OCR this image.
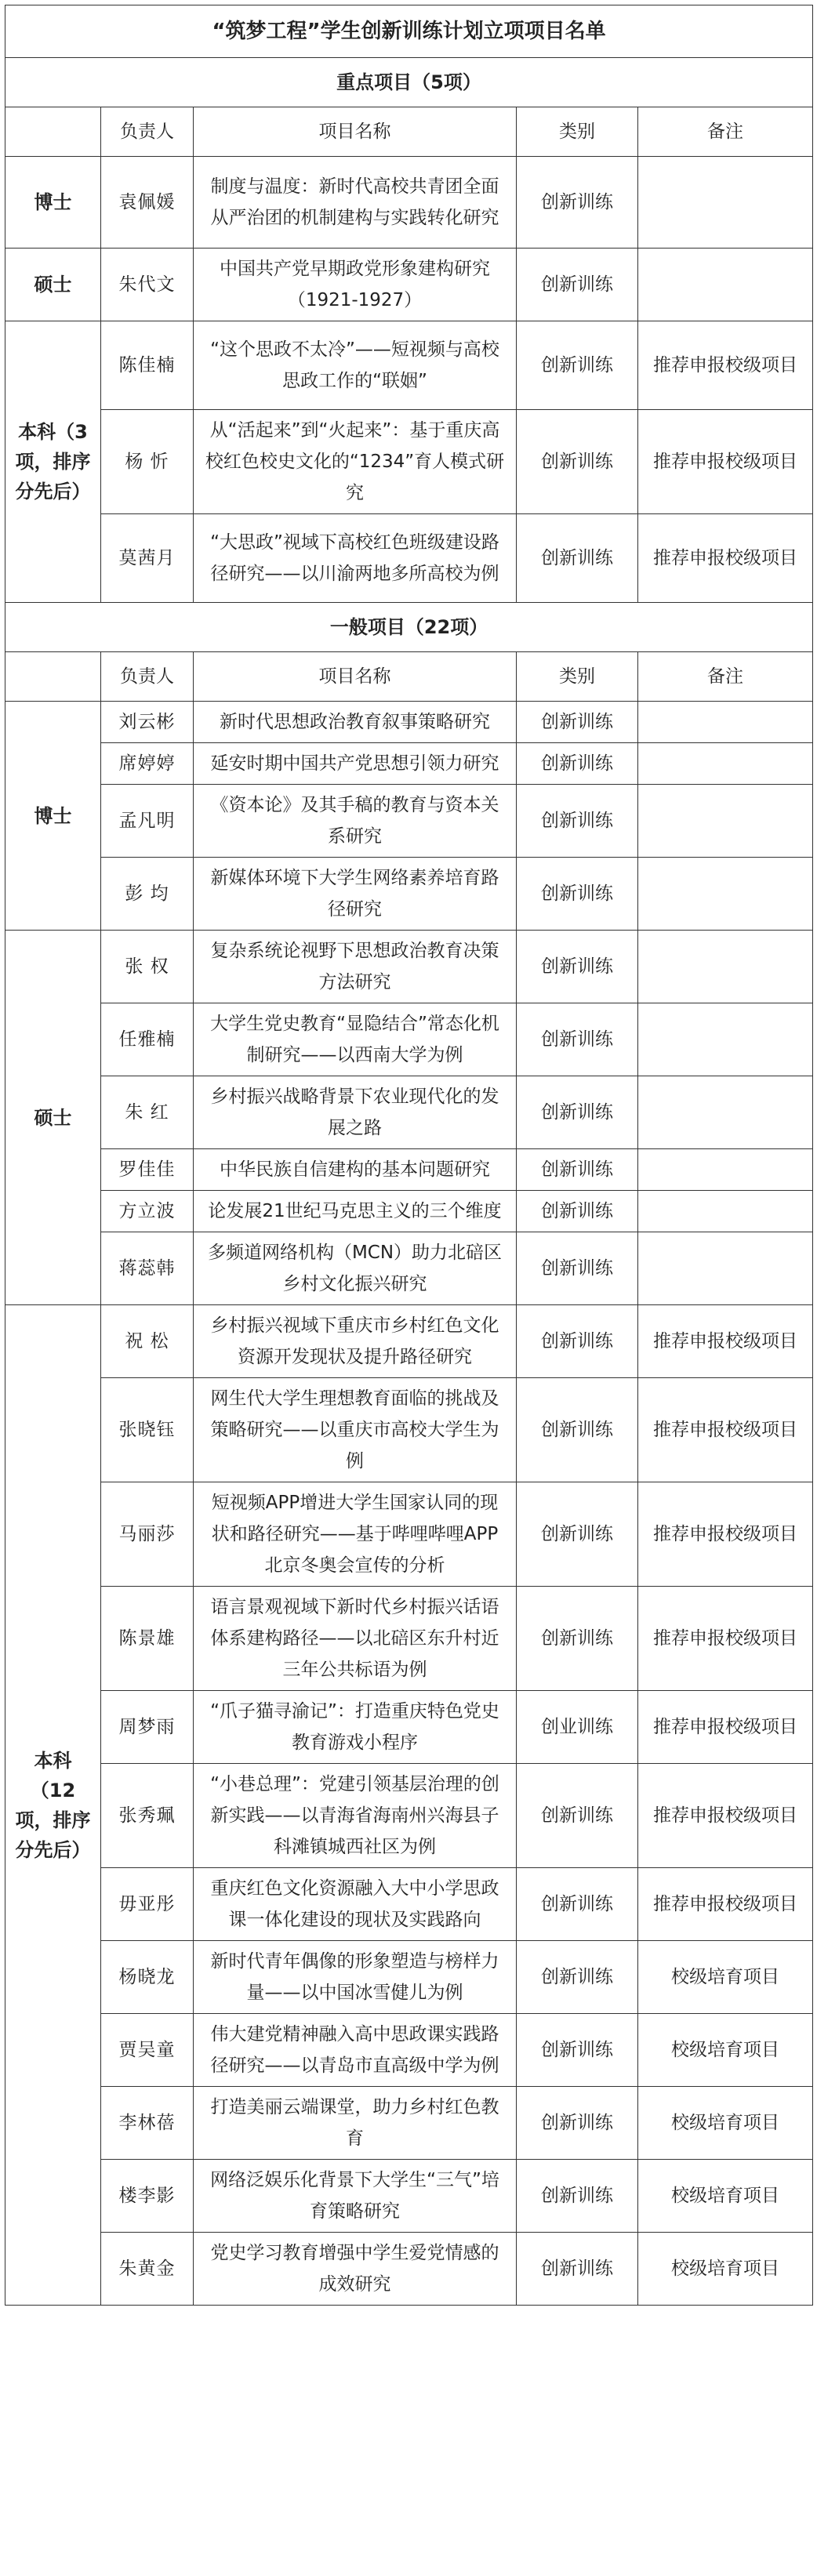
“筑梦工程”学生创新训练计划立项项目名单				
重点项目（5项）				
	负责人	项目名称	类别	备注
博士	袁佩媛	制度与温度：新时代高校共青团全面从严治团的机制建构与实践转化研究	创新训练	
硕士	朱代文	中国共产党早期政党形象建构研究（1921-1927）	创新训练	
本科（3项，排序分先后）	陈佳楠	“这个思政不太冷”——短视频与高校思政工作的“联姻”	创新训练	推荐申报校级项目
	杨 忻	从“活起来”到“火起来”：基于重庆高校红色校史文化的“1234”育人模式研究	创新训练	推荐申报校级项目
	莫茜月	“大思政”视域下高校红色班级建设路径研究——以川渝两地多所高校为例	创新训练	推荐申报校级项目
一般项目（22项）				
	负责人	项目名称	类别	备注
博士	刘云彬	新时代思想政治教育叙事策略研究	创新训练	
	席婷婷	延安时期中国共产党思想引领力研究	创新训练	
	孟凡明	《资本论》及其手稿的教育与资本关系研究	创新训练	
	彭 均	新媒体环境下大学生网络素养培育路径研究	创新训练	
硕士	张 权	复杂系统论视野下思想政治教育决策方法研究	创新训练	
	任雅楠	大学生党史教育“显隐结合”常态化机制研究——以西南大学为例	创新训练	
	朱 红	乡村振兴战略背景下农业现代化的发展之路	创新训练	
	罗佳佳	中华民族自信建构的基本问题研究	创新训练	
	方立波	论发展21世纪马克思主义的三个维度	创新训练	
	蒋蕊韩	多频道网络机构（MCN）助力北碚区乡村文化振兴研究	创新训练	
本科（12项，排序分先后）	祝 松	乡村振兴视域下重庆市乡村红色文化资源开发现状及提升路径研究	创新训练	推荐申报校级项目
	张晓钰	网生代大学生理想教育面临的挑战及策略研究——以重庆市高校大学生为例	创新训练	推荐申报校级项目
	马丽莎	短视频APP增进大学生国家认同的现状和路径研究——基于哔哩哔哩APP北京冬奥会宣传的分析	创新训练	推荐申报校级项目
	陈景雄	语言景观视域下新时代乡村振兴话语体系建构路径——以北碚区东升村近三年公共标语为例	创新训练	推荐申报校级项目
	周梦雨	“爪子猫寻渝记”：打造重庆特色党史教育游戏小程序	创业训练	推荐申报校级项目
	张秀珮	“小巷总理”：党建引领基层治理的创新实践——以青海省海南州兴海县子科滩镇城西社区为例	创新训练	推荐申报校级项目
	毋亚彤	重庆红色文化资源融入大中小学思政课一体化建设的现状及实践路向	创新训练	推荐申报校级项目
	杨晓龙	新时代青年偶像的形象塑造与榜样力量——以中国冰雪健儿为例	创新训练	校级培育项目
	贾吴童	伟大建党精神融入高中思政课实践路径研究——以青岛市直高级中学为例	创新训练	校级培育项目
	李林蓓	打造美丽云端课堂，助力乡村红色教育	创新训练	校级培育项目
	楼李影	网络泛娱乐化背景下大学生“三气”培育策略研究	创新训练	校级培育项目
	朱黄金	党史学习教育增强中学生爱党情感的成效研究	创新训练	校级培育项目
